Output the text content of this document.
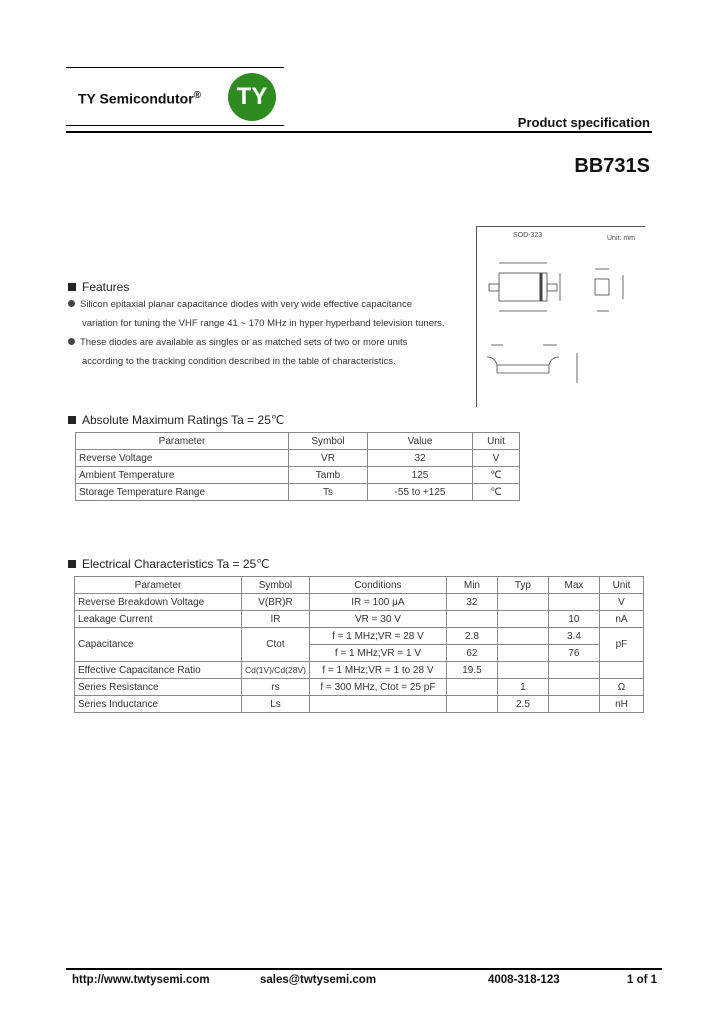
TY Semicondutor®	TY
Product specification
BB731S
SOD-323	Unit: mm
Features
Silicon epitaxial planar capacitance diodes with very wide effective capacitance
variation for tuning the VHF range 41 ~ 170 MHz in hyper hyperband television tuners.
These diodes are available as singles or as matched sets of two or more units
according to the tracking condition described in the table of characteristics.
Absolute Maximum Ratings Ta = 25℃
Parameter	Symbol	Value	Unit
Reverse Voltage	VR	32	V
Ambient Temperature	Tamb	125	℃
Storage Temperature Range	Ts	-55 to +125	℃
Electrical Characteristics Ta = 25℃
Parameter	Symbol	Conditions	Min	Typ	Max	Unit
Reverse Breakdown Voltage	V(BR)R	IR = 100 μA	32			V
Leakage Current	IR	VR = 30 V			10	nA
Capacitance	Ctot	f = 1 MHz;VR = 28 V	2.8		3.4	pF
		f = 1 MHz;VR = 1 V	62		76	
Effective Capacitance Ratio	Cd(1V)/Cd(28V)	f = 1 MHz;VR = 1 to 28 V	19.5			
Series Resistance	rs	f = 300 MHz, Ctot = 25 pF		1		Ω
Series Inductance	Ls			2.5		nH
http://www.twtysemi.com	sales@twtysemi.com	4008-318-123	1 of 1
